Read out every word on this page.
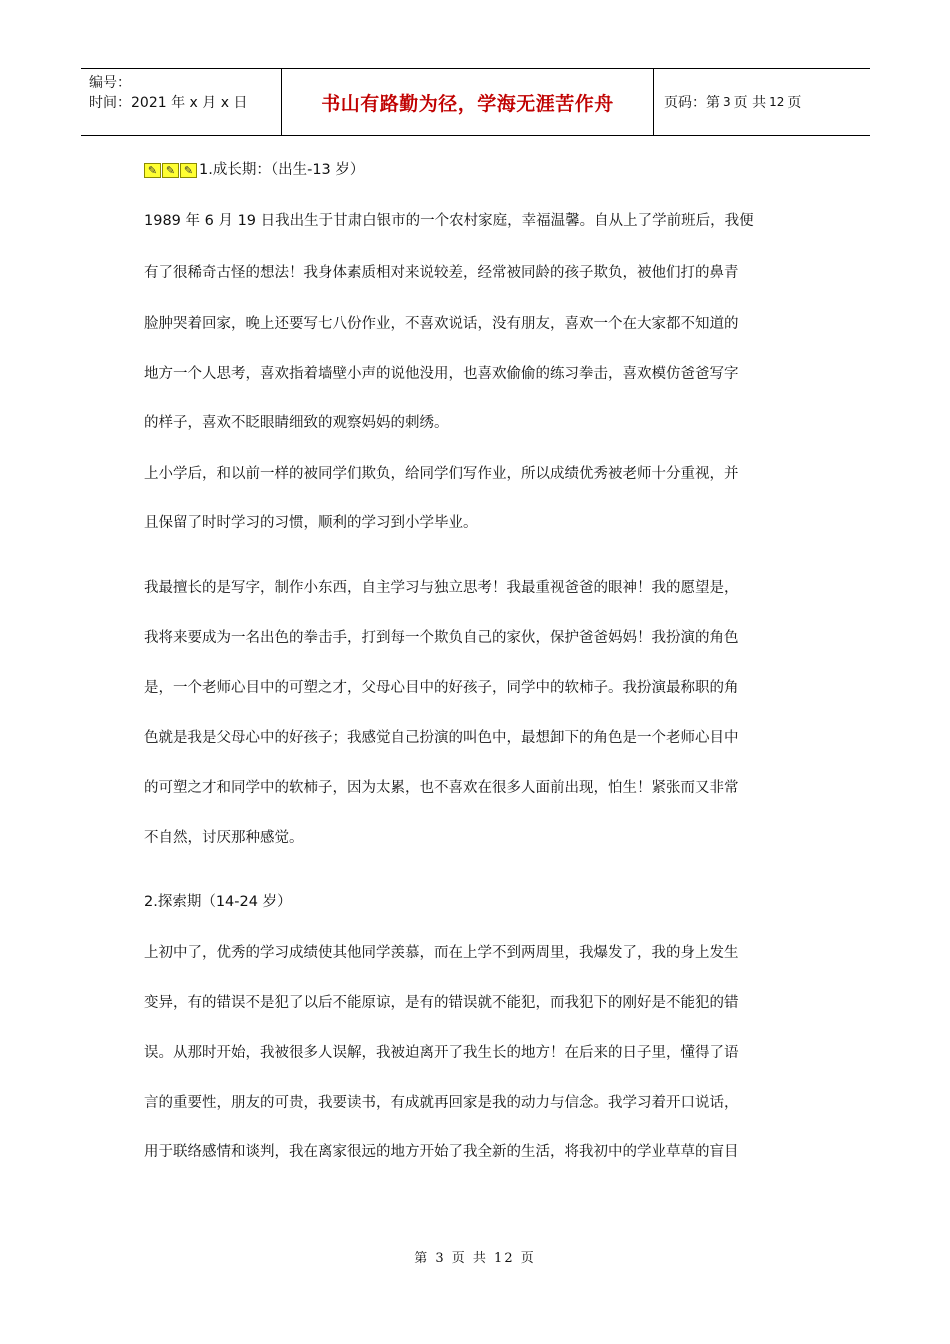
编号：
时间：2021 年 x 月 x 日	书山有路勤为径，学海无涯苦作舟	页码：第 3 页 共 12 页
✎ ✎ ✎ 1.成长期：（出生-13 岁）
1989 年 6 月 19 日我出生于甘肃白银市的一个农村家庭，幸福温馨。自从上了学前班后，我便
有了很稀奇古怪的想法！我身体素质相对来说较差，经常被同龄的孩子欺负，被他们打的鼻青
脸肿哭着回家，晚上还要写七八份作业，不喜欢说话，没有朋友，喜欢一个在大家都不知道的
地方一个人思考，喜欢指着墙壁小声的说他没用，也喜欢偷偷的练习拳击，喜欢模仿爸爸写字
的样子，喜欢不眨眼睛细致的观察妈妈的刺绣。
上小学后，和以前一样的被同学们欺负，给同学们写作业，所以成绩优秀被老师十分重视，并
且保留了时时学习的习惯，顺利的学习到小学毕业。
我最擅长的是写字，制作小东西，自主学习与独立思考！我最重视爸爸的眼神！我的愿望是，
我将来要成为一名出色的拳击手，打到每一个欺负自己的家伙，保护爸爸妈妈！我扮演的角色
是，一个老师心目中的可塑之才，父母心目中的好孩子，同学中的软柿子。我扮演最称职的角
色就是我是父母心中的好孩子；我感觉自己扮演的叫色中，最想卸下的角色是一个老师心目中
的可塑之才和同学中的软柿子，因为太累，也不喜欢在很多人面前出现，怕生！紧张而又非常
不自然，讨厌那种感觉。
2.探索期（14-24 岁）
上初中了，优秀的学习成绩使其他同学羡慕，而在上学不到两周里，我爆发了，我的身上发生
变异，有的错误不是犯了以后不能原谅，是有的错误就不能犯，而我犯下的刚好是不能犯的错
误。从那时开始，我被很多人误解，我被迫离开了我生长的地方！在后来的日子里，懂得了语
言的重要性，朋友的可贵，我要读书，有成就再回家是我的动力与信念。我学习着开口说话，
用于联络感情和谈判，我在离家很远的地方开始了我全新的生活，将我初中的学业草草的盲目
第 3 页 共 12 页
